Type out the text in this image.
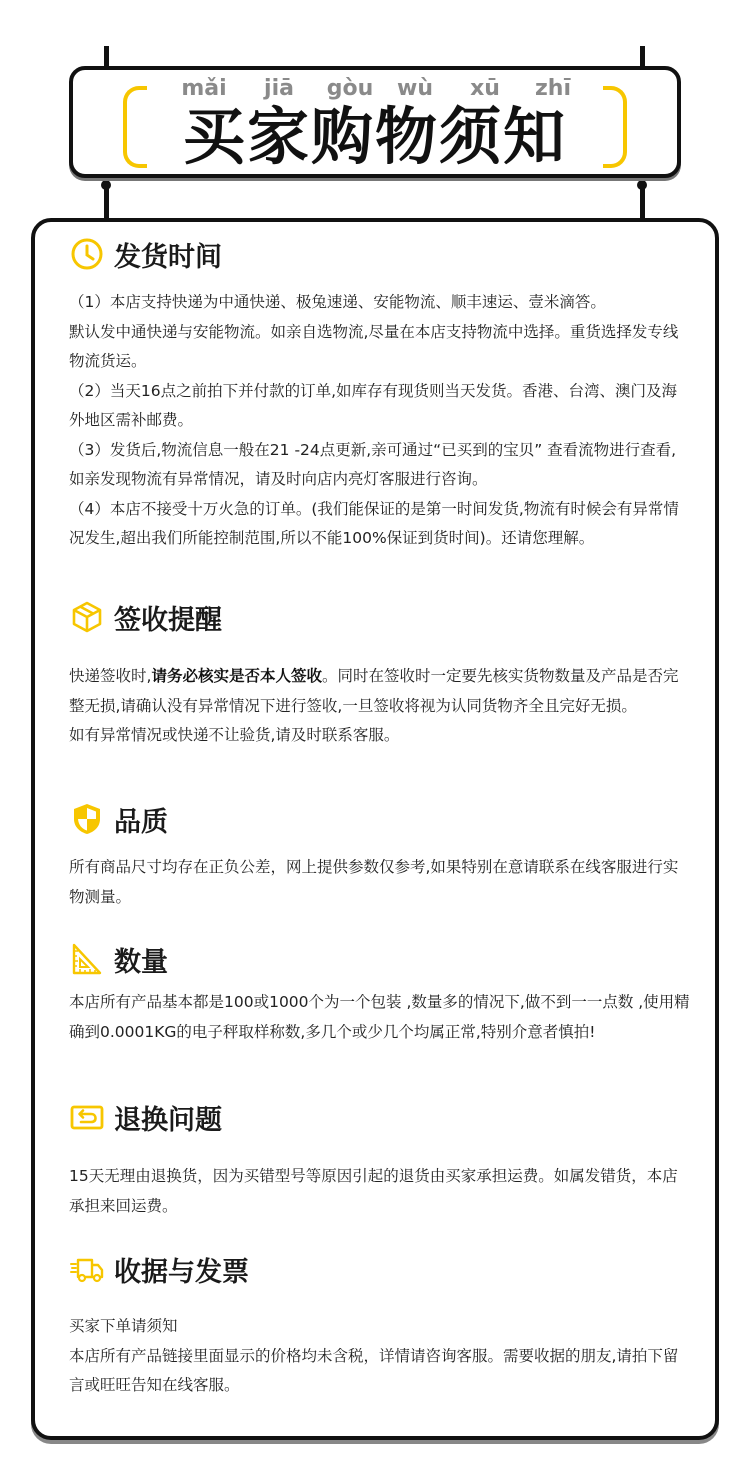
mǎi jiā gòu wù xū zhī
买家购物须知
发货时间

（1）本店支持快递为中通快递、极兔速递、安能物流、顺丰速运、壹米滴答。

默认发中通快递与安能物流。如亲自选物流,尽量在本店支持物流中选择。重货选择发专线物流货运。

（2）当天16点之前拍下并付款的订单,如库存有现货则当天发货。香港、台湾、澳门及海外地区需补邮费。

（3）发货后,物流信息一般在21 -24点更新,亲可通过“已买到的宝贝” 查看流物进行查看,如亲发现物流有异常情况，请及时向店内亮灯客服进行咨询。

（4）本店不接受十万火急的订单。(我们能保证的是第一时间发货,物流有时候会有异常情况发生,超出我们所能控制范围,所以不能100%保证到货时间)。还请您理解。

签收提醒

快递签收时,请务必核实是否本人签收。同时在签收时一定要先核实货物数量及产品是否完整无损,请确认没有异常情况下进行签收,一旦签收将视为认同货物齐全且完好无损。

如有异常情况或快递不让验货,请及时联系客服。

品质

所有商品尺寸均存在正负公差，网上提供参数仅参考,如果特别在意请联系在线客服进行实物测量。

数量

本店所有产品基本都是100或1000个为一个包装 ,数量多的情况下,做不到一一点数 ,使用精确到0.0001KG的电子秤取样称数,多几个或少几个均属正常,特别介意者慎拍!

退换问题

15天无理由退换货，因为买错型号等原因引起的退货由买家承担运费。如属发错货，本店承担来回运费。

收据与发票

买家下单请须知

本店所有产品链接里面显示的价格均未含税，详情请咨询客服。需要收据的朋友,请拍下留言或旺旺告知在线客服。
